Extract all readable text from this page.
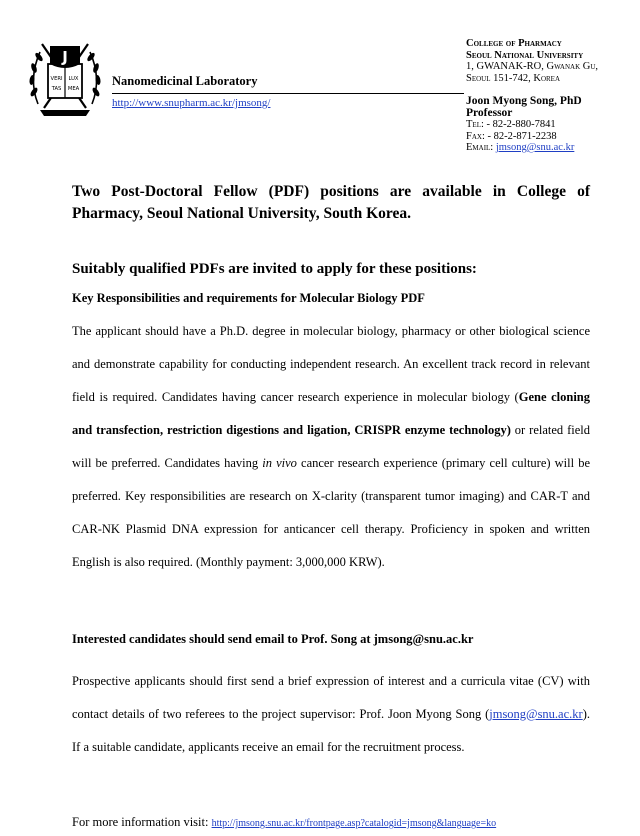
J
VERI LUX
TAS MEA
Nanomedicinal Laboratory
http://www.snupharm.ac.kr/jmsong/
College of Pharmacy
Seoul National University
1, GWANAK-RO, Gwanak Gu,
Seoul 151-742, Korea
Joon Myong Song, PhD
Professor
Tel: - 82-2-880-7841
Fax: - 82-2-871-2238
Email: jmsong@snu.ac.kr
Two Post-Doctoral Fellow (PDF) positions are available in College of Pharmacy, Seoul National University, South Korea.
Suitably qualified PDFs are invited to apply for these positions:
Key Responsibilities and requirements for Molecular Biology PDF

The applicant should have a Ph.D. degree in molecular biology, pharmacy or other biological science and demonstrate capability for conducting independent research. An excellent track record in relevant field is required. Candidates having cancer research experience in molecular biology (Gene cloning and transfection, restriction digestions and ligation, CRISPR enzyme technology) or related field will be preferred. Candidates having in vivo cancer research experience (primary cell culture) will be preferred. Key responsibilities are research on X-clarity (transparent tumor imaging) and CAR-T and CAR-NK Plasmid DNA expression for anticancer cell therapy. Proficiency in spoken and written English is also required. (Monthly payment: 3,000,000 KRW).

Interested candidates should send email to Prof. Song at jmsong@snu.ac.kr

Prospective applicants should first send a brief expression of interest and a curricula vitae (CV) with contact details of two referees to the project supervisor: Prof. Joon Myong Song (jmsong@snu.ac.kr). If a suitable candidate, applicants receive an email for the recruitment process.

For more information visit: http://jmsong.snu.ac.kr/frontpage.asp?catalogid=jmsong&language=ko
